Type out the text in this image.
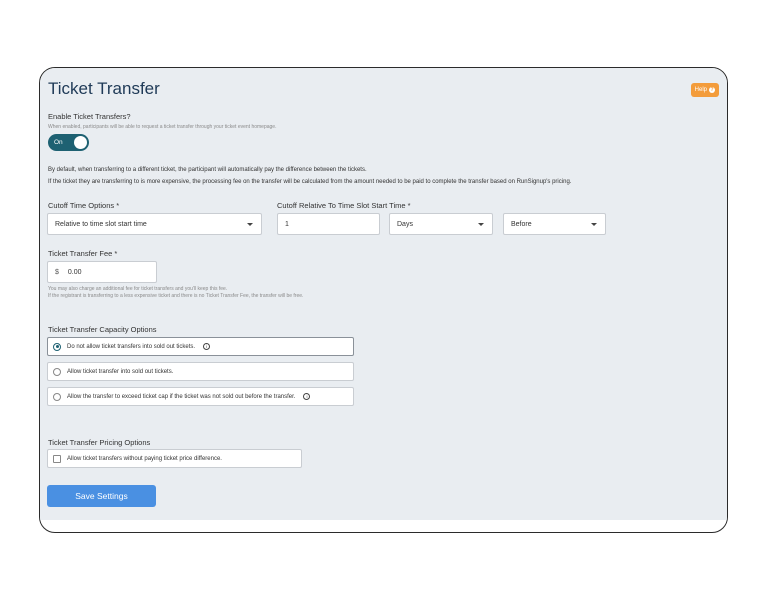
Ticket Transfer	Help ?
Enable Ticket Transfers?
When enabled, participants will be able to request a ticket transfer through your ticket event homepage.
On
By default, when transferring to a different ticket, the participant will automatically pay the difference between the tickets.
If the ticket they are transferring to is more expensive, the processing fee on the transfer will be calculated from the amount needed to be paid to complete the transfer based on RunSignup's pricing.
Cutoff Time Options *
Relative to time slot start time
Cutoff Relative To Time Slot Start Time *
1	Days	Before
Ticket Transfer Fee *
$ 0.00
You may also charge an additional fee for ticket transfers and you'll keep this fee.
If the registrant is transferring to a less expensive ticket and there is no Ticket Transfer Fee, the transfer will be free.
Ticket Transfer Capacity Options
Do not allow ticket transfers into sold out tickets.	i
Allow ticket transfer into sold out tickets.
Allow the transfer to exceed ticket cap if the ticket was not sold out before the transfer.	i
Ticket Transfer Pricing Options
Allow ticket transfers without paying ticket price difference.
Save Settings
